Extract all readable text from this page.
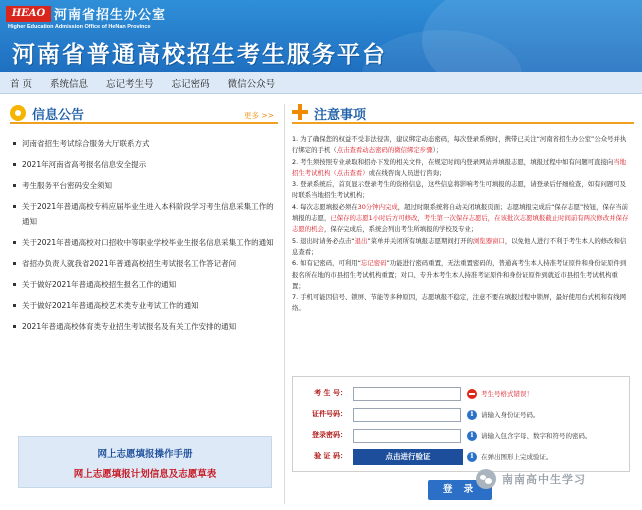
HEAO 河南省招生办公室
Higher Education Admission Office of HeNan Province
河南省普通高校招生考生服务平台
首 页 系统信息 忘记考生号 忘记密码 微信公众号
信息公告	更多 >>
河南省招生考试综合服务大厅联系方式
2021年河南省高考报名信息安全提示
考生服务平台密码安全须知
关于2021年普通高校专科应届毕业生进入本科阶段学习考生信息采集工作的通知
关于2021年普通高校对口招收中等职业学校毕业生报名信息采集工作的通知
省招办负责人就我省2021年普通高校招生考试报名工作答记者问
关于做好2021年普通高校招生报名工作的通知
关于做好2021年普通高校艺术类专业考试工作的通知
2021年普通高校体育类专业招生考试报名及有关工作安排的通知
网上志愿填报操作手册
网上志愿填报计划信息及志愿草表
注意事项

1. 为了确保您的权益不受非法侵害，建议绑定动态密码，每次登录系统时，携带已关注“河南省招生办公室”公众号并执行绑定的手机（点击查看动态密码的微信绑定步骤）；

2. 考生须按照专业录取和招办下发的相关文件，在规定时间内登录网站并填报志愿，填报过程中如有问题可直接向当地招生考试机构（点击查看）或在线咨询人员进行咨询；

3. 登录系统后，首页显示登录考生的资格信息，这些信息将影响考生可填报的志愿，请登录后仔细检查，如有问题可及时联系当地招生考试机构；

4. 每次志愿填报必须在30分钟内完成，超过时限系统将自动关闭填报页面；志愿填报完成后“保存志愿”按钮，保存当前填报的志愿，已保存的志愿1小时后方可修改，考生第一次保存志愿后，在该批次志愿填报截止时间前有两次修改并保存志愿的机会，保存完成后，系统会列出考生所填报的学校及专业；

5. 退出时请务必点击“退出”菜单并关闭所有填报志愿期间打开的浏览器窗口，以免他人进行不利于考生本人的修改和信息查看；

6. 如有记密码，可利用“忘记密码”功能进行密码重置，无法重置密码的，普通高考生本人持准考证原件和身份证原件到报名所在地的市县招生考试机构重置；对口、专升本考生本人持准考证原件和身份证原件到就近市县招生考试机构重置；

7. 手机可能因信号、锁屏、节能等多种原因，志愿填报不稳定，注意不要在填报过程中锁屏，最好使用台式机和有线网络。

考 生 号：	考生号格式错误！
证件号码： i	请输入身份证号码。
登录密码： i	请输入包含字母、数字和符号的密码。
验 证 码：	点击进行验证 i	在弹出图形上完成验证。
登 录
南南高中生学习
